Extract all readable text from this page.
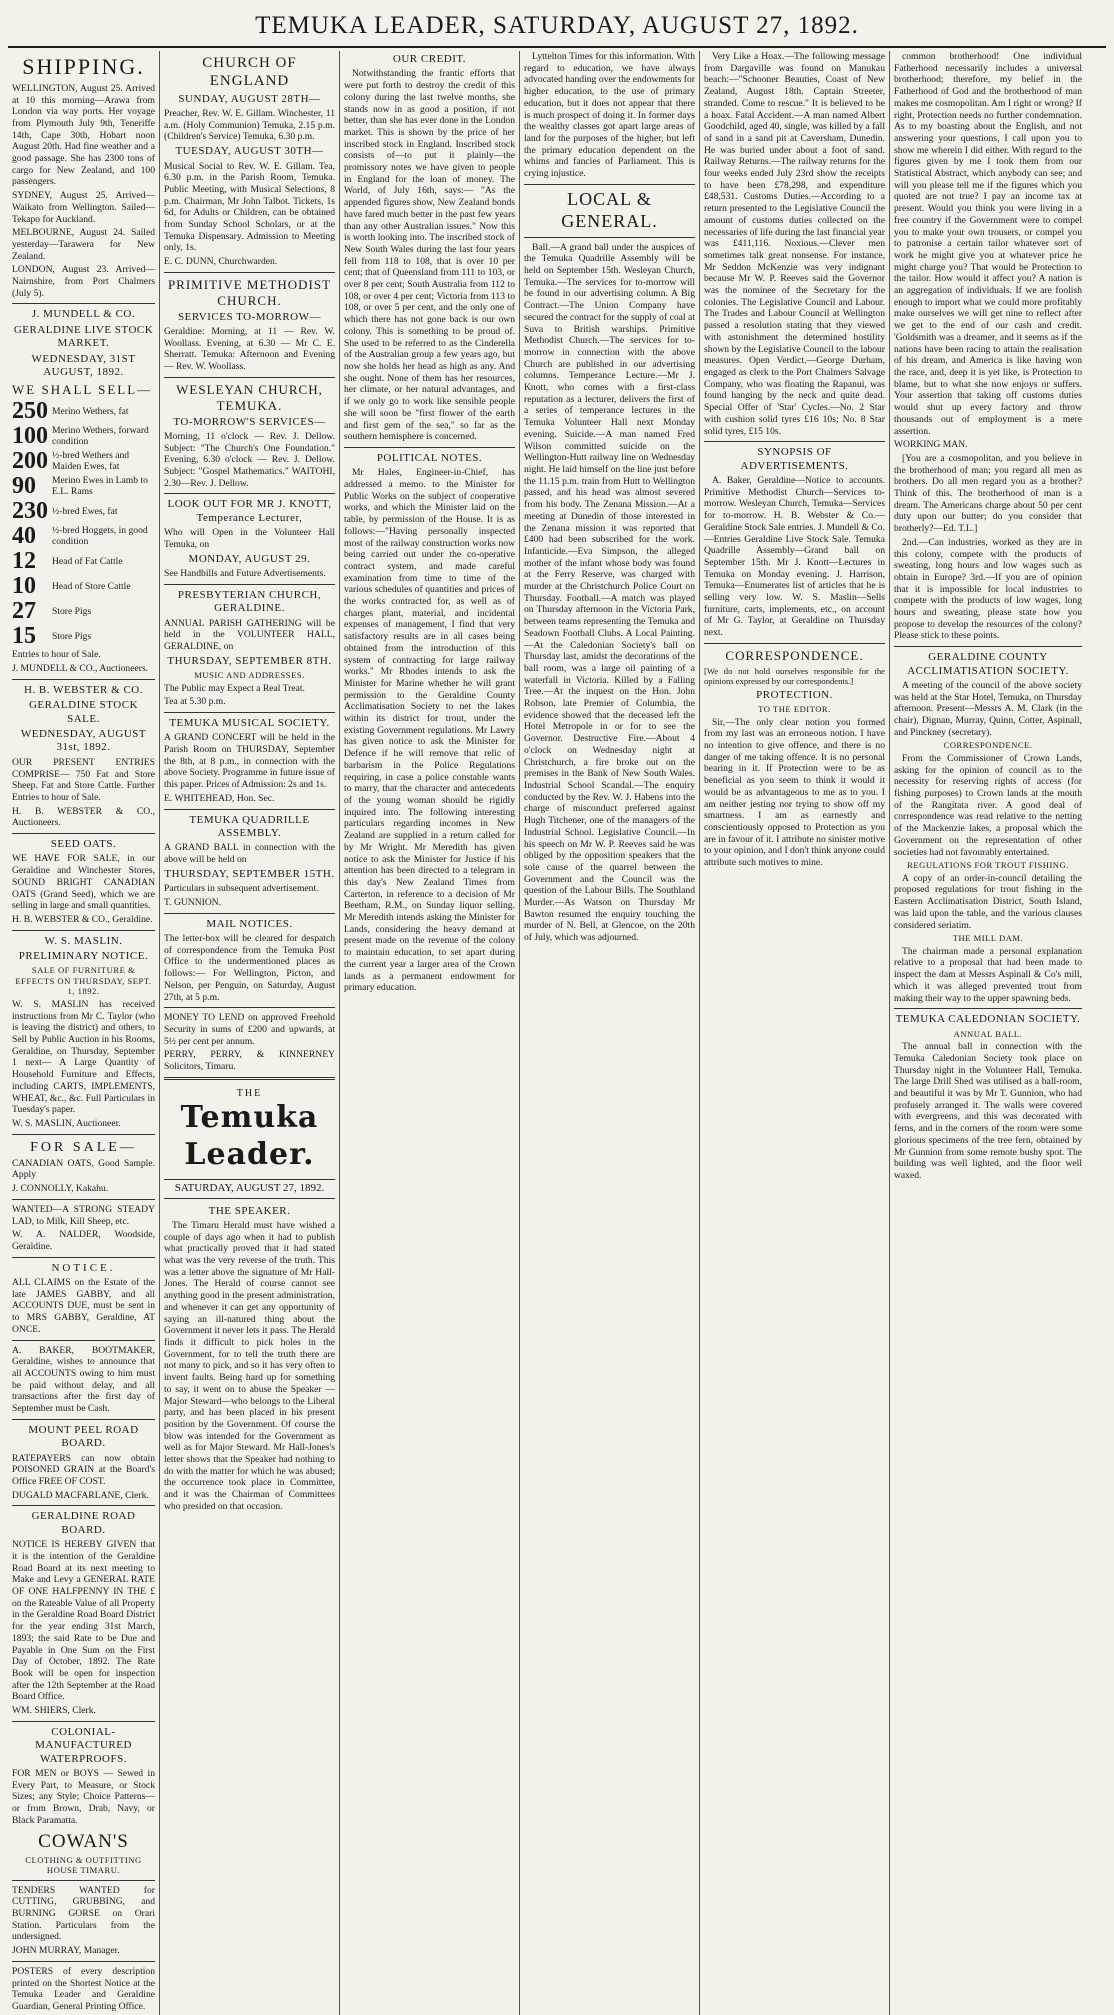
TEMUKA LEADER, SATURDAY, AUGUST 27, 1892.
SHIPPING.

WELLINGTON, August 25. Arrived at 10 this morning—Arawa from London via way ports. Her voyage from Plymouth July 9th, Teneriffe 14th, Cape 30th, Hobart noon August 20th. Had fine weather and a good passage. She has 2300 tons of cargo for New Zealand, and 100 passengers.

SYDNEY, August 25. Arrived—Waikato from Wellington. Sailed—Tekapo for Auckland.

MELBOURNE, August 24. Sailed yesterday—Tarawera for New Zealand.

LONDON, August 23. Arrived—Nairnshire, from Port Chalmers (July 5).

J. MUNDELL & CO.
GERALDINE LIVE STOCK MARKET.
WEDNESDAY, 31ST AUGUST, 1892.

WE SHALL SELL—

250 Merino Wethers, fat
100 Merino Wethers, forward condition
200 ½-bred Wethers and Maiden Ewes, fat
90	Merino Ewes in Lamb to E.L. Rams
230 ½-bred Ewes, fat
40	½-bred Hoggets, in good condition
12	Head of Fat Cattle
10	Head of Store Cattle
27	Store Pigs
15	Store Pigs

Entries to hour of Sale.

J. MUNDELL & CO., Auctioneers.

H. B. WEBSTER & CO.
GERALDINE STOCK SALE.
WEDNESDAY, AUGUST 31st, 1892.

OUR PRESENT ENTRIES COMPRISE— 750 Fat and Store Sheep. Fat and Store Cattle. Further Entries to hour of Sale.

H. B. WEBSTER & CO., Auctioneers.

SEED OATS.

WE HAVE FOR SALE, in our Geraldine and Winchester Stores, SOUND BRIGHT CANADIAN OATS (Grand Seed), which we are selling in large and small quantities.

H. B. WEBSTER & CO., Geraldine.

W. S. MASLIN.
PRELIMINARY NOTICE.
SALE OF FURNITURE & EFFECTS ON THURSDAY, SEPT. 1, 1892.

W. S. MASLIN has received instructions from Mr C. Taylor (who is leaving the district) and others, to Sell by Public Auction in his Rooms, Geraldine, on Thursday, September 1 next— A Large Quantity of Household Furniture and Effects, including CARTS, IMPLEMENTS, WHEAT, &c., &c. Full Particulars in Tuesday's paper.

W. S. MASLIN, Auctioneer.

FOR SALE—

CANADIAN OATS, Good Sample. Apply

J. CONNOLLY, Kakahu.

WANTED—A STRONG STEADY LAD, to Milk, Kill Sheep, etc.

W. A. NALDER, Woodside, Geraldine.

NOTICE.

ALL CLAIMS on the Estate of the late JAMES GABBY, and all ACCOUNTS DUE, must be sent in to MRS GABBY, Geraldine, AT ONCE.

A. BAKER, BOOTMAKER, Geraldine, wishes to announce that all ACCOUNTS owing to him must be paid without delay, and all transactions after the first day of September must be Cash.

MOUNT PEEL ROAD BOARD.

RATEPAYERS can now obtain POISONED GRAIN at the Board's Office FREE OF COST.

DUGALD MACFARLANE, Clerk.

GERALDINE ROAD BOARD.

NOTICE IS HEREBY GIVEN that it is the intention of the Geraldine Road Board at its next meeting to Make and Levy a GENERAL RATE OF ONE HALFPENNY IN THE £ on the Rateable Value of all Property in the Geraldine Road Board District for the year ending 31st March, 1893; the said Rate to be Due and Payable in One Sum on the First Day of October, 1892. The Rate Book will be open for inspection after the 12th September at the Road Board Office.

WM. SHIERS, Clerk.

COLONIAL-MANUFACTURED WATERPROOFS.

FOR MEN or BOYS — Sewed in Every Part, to Measure, or Stock Sizes; any Style; Choice Patterns—or from Brown, Drab, Navy, or Black Paramatta.

COWAN'S
CLOTHING & OUTFITTING HOUSE TIMARU.

TENDERS WANTED for CUTTING, GRUBBING, and BURNING GORSE on Orari Station. Particulars from the undersigned.

JOHN MURRAY, Manager.

POSTERS of every description printed on the Shortest Notice at the Temuka Leader and Geraldine Guardian, General Printing Office.

CHURCH OF ENGLAND
SUNDAY, AUGUST 28TH—

Preacher, Rev. W. E. Gillam. Winchester, 11 a.m. (Holy Communion) Temuka, 2.15 p.m. (Children's Service) Temuka, 6.30 p.m.

TUESDAY, AUGUST 30TH—

Musical Social to Rev. W. E. Gillam. Tea, 6.30 p.m. in the Parish Room, Temuka. Public Meeting, with Musical Selections, 8 p.m. Chairman, Mr John Talbot. Tickets, 1s 6d, for Adults or Children, can be obtained from Sunday School Scholars, or at the Temuka Dispensary. Admission to Meeting only, 1s.

E. C. DUNN, Churchwarden.

PRIMITIVE METHODIST CHURCH.
SERVICES TO-MORROW—

Geraldine: Morning, at 11 — Rev. W. Woollass. Evening, at 6.30 — Mr C. E. Sherratt. Temuka: Afternoon and Evening — Rev. W. Woollass.

WESLEYAN CHURCH, TEMUKA.
TO-MORROW'S SERVICES—

Morning, 11 o'clock — Rev. J. Dellow. Subject: "The Church's One Foundation." Evening, 6.30 o'clock — Rev. J. Dellow. Subject: "Gospel Mathematics." WAITOHI, 2.30—Rev. J. Dellow.

LOOK OUT FOR MR J. KNOTT, Temperance Lecturer,

Who will Open in the Volunteer Hall Temuka, on

MONDAY, AUGUST 29.

See Handbills and Future Advertisements.

PRESBYTERIAN CHURCH, GERALDINE.

ANNUAL PARISH GATHERING will be held in the VOLUNTEER HALL, GERALDINE, on

THURSDAY, SEPTEMBER 8TH.
MUSIC AND ADDRESSES.

The Public may Expect a Real Treat.

Tea at 5.30 p.m.

TEMUKA MUSICAL SOCIETY.

A GRAND CONCERT will be held in the Parish Room on THURSDAY, September the 8th, at 8 p.m., in connection with the above Society. Programme in future issue of this paper. Prices of Admission: 2s and 1s.

E. WHITEHEAD, Hon. Sec.

TEMUKA QUADRILLE ASSEMBLY.

A GRAND BALL in connection with the above will be held on

THURSDAY, SEPTEMBER 15TH.

Particulars in subsequent advertisement.

T. GUNNION.

MAIL NOTICES.

The letter-box will be cleared for despatch of correspondence from the Temuka Post Office to the undermentioned places as follows:— For Wellington, Picton, and Nelson, per Penguin, on Saturday, August 27th, at 5 p.m.

MONEY TO LEND on approved Freehold Security in sums of £200 and upwards, at 5½ per cent per annum.

PERRY, PERRY, & KINNERNEY Solicitors, Timaru.

THE
Temuka Leader.
SATURDAY, AUGUST 27, 1892.
THE SPEAKER.

The Timaru Herald must have wished a couple of days ago when it had to publish what practically proved that it had stated what was the very reverse of the truth. This was a letter above the signature of Mr Hall-Jones. The Herald of course cannot see anything good in the present administration, and whenever it can get any opportunity of saying an ill-natured thing about the Government it never lets it pass. The Herald finds it difficult to pick holes in the Government, for to tell the truth there are not many to pick, and so it has very often to invent faults. Being hard up for something to say, it went on to abuse the Speaker —Major Steward—who belongs to the Liberal party, and has been placed in his present position by the Government. Of course the blow was intended for the Government as well as for Major Steward. Mr Hall-Jones's letter shows that the Speaker had nothing to do with the matter for which he was abused; the occurrence took place in Committee, and it was the Chairman of Committees who presided on that occasion.

OUR CREDIT.

Notwithstanding the frantic efforts that were put forth to destroy the credit of this colony during the last twelve months, she stands now in as good a position, if not better, than she has ever done in the London market. This is shown by the price of her inscribed stock in England. Inscribed stock consists of—to put it plainly—the promissory notes we have given to people in England for the loan of money. The World, of July 16th, says:— "As the appended figures show, New Zealand bonds have fared much better in the past few years than any other Australian issues." Now this is worth looking into. The inscribed stock of New South Wales during the last four years fell from 118 to 108, that is over 10 per cent; that of Queensland from 111 to 103, or over 8 per cent; South Australia from 112 to 108, or over 4 per cent; Victoria from 113 to 108, or over 5 per cent, and the only one of which there has not gone back is our own colony. This is something to be proud of. She used to be referred to as the Cinderella of the Australian group a few years ago, but now she holds her head as high as any. And she ought. None of them has her resources, her climate, or her natural advantages, and if we only go to work like sensible people she will soon be "first flower of the earth and first gem of the sea," so far as the southern hemisphere is concerned.

POLITICAL NOTES.

Mr Hales, Engineer-in-Chief, has addressed a memo. to the Minister for Public Works on the subject of cooperative works, and which the Minister laid on the table, by permission of the House. It is as follows:—"Having personally inspected most of the railway construction works now being carried out under the co-operative contract system, and made careful examination from time to time of the various schedules of quantities and prices of the works contracted for, as well as of charges plant, material, and incidental expenses of management, I find that very satisfactory results are in all cases being obtained from the introduction of this system of contracting for large railway works." Mr Rhodes intends to ask the Minister for Marine whether he will grant permission to the Geraldine County Acclimatisation Society to net the lakes within its district for trout, under the existing Government regulations. Mr Lawry has given notice to ask the Minister for Defence if he will remove that relic of barbarism in the Police Regulations requiring, in case a police constable wants to marry, that the character and antecedents of the young woman should be rigidly inquired into. The following interesting particulars regarding incomes in New Zealand are supplied in a return called for by Mr Wright. Mr Meredith has given notice to ask the Minister for Justice if his attention has been directed to a telegram in this day's New Zealand Times from Carterton, in reference to a decision of Mr Beetham, R.M., on Sunday liquor selling. Mr Meredith intends asking the Minister for Lands, considering the heavy demand at present made on the revenue of the colony to maintain education, to set apart during the current year a larger area of the Crown lands as a permanent endowment for primary education.

Lyttelton Times for this information. With regard to education, we have always advocated handing over the endowments for higher education, to the use of primary education, but it does not appear that there is much prospect of doing it. In former days the wealthy classes got apart large areas of land for the purposes of the higher, but left the primary education dependent on the whims and fancies of Parliament. This is crying injustice.

LOCAL & GENERAL.

Ball.—A grand ball under the auspices of the Temuka Quadrille Assembly will be held on September 15th. Wesleyan Church, Temuka.—The services for to-morrow will be found in our advertising column. A Big Contract.—The Union Company have secured the contract for the supply of coal at Suva to British warships. Primitive Methodist Church.—The services for to-morrow in connection with the above Church are published in our advertising columns. Temperance Lecture.—Mr J. Knott, who comes with a first-class reputation as a lecturer, delivers the first of a series of temperance lectures in the Temuka Volunteer Hall next Monday evening. Suicide.—A man named Fred Wilson committed suicide on the Wellington-Hutt railway line on Wednesday night. He laid himself on the line just before the 11.15 p.m. train from Hutt to Wellington passed, and his head was almost severed from his body. The Zenana Mission.—At a meeting at Dunedin of those interested in the Zenana mission it was reported that £400 had been subscribed for the work. Infanticide.—Eva Simpson, the alleged mother of the infant whose body was found at the Ferry Reserve, was charged with murder at the Christchurch Police Court on Thursday. Football.—A match was played on Thursday afternoon in the Victoria Park, between teams representing the Temuka and Seadown Football Clubs. A Local Painting.—At the Caledonian Society's ball on Thursday last, amidst the decorations of the ball room, was a large oil painting of a waterfall in Victoria. Killed by a Falling Tree.—At the inquest on the Hon. John Robson, late Premier of Columbia, the evidence showed that the deceased left the Hotel Metropole in or for to see the Governor. Destructive Fire.—About 4 o'clock on Wednesday night at Christchurch, a fire broke out on the premises in the Bank of New South Wales. Industrial School Scandal.—The enquiry conducted by the Rev. W. J. Habens into the charge of misconduct preferred against Hugh Titchener, one of the managers of the Industrial School. Legislative Council.—In his speech on Mr W. P. Reeves said he was obliged by the opposition speakers that the sole cause of the quarrel between the Government and the Council was the question of the Labour Bills. The Southland Murder.—As Watson on Thursday Mr Bawton resumed the enquiry touching the murder of N. Bell, at Glencoe, on the 20th of July, which was adjourned.

Very Like a Hoax.—The following message from Dargaville was found on Manukau beach:—"Schooner Beauties, Coast of New Zealand, August 18th. Captain Streeter, stranded. Come to rescue." It is believed to be a hoax. Fatal Accident.—A man named Albert Goodchild, aged 40, single, was killed by a fall of sand in a sand pit at Caversham, Dunedin. He was buried under about a foot of sand. Railway Returns.—The railway returns for the four weeks ended July 23rd show the receipts to have been £78,298, and expenditure £48,531. Customs Duties.—According to a return presented to the Legislative Council the amount of customs duties collected on the necessaries of life during the last financial year was £411,116. Noxious.—Clever men sometimes talk great nonsense. For instance, Mr Seddon McKenzie was very indignant because Mr W. P. Reeves said the Governor was the nominee of the Secretary for the colonies. The Legislative Council and Labour. The Trades and Labour Council at Wellington passed a resolution stating that they viewed with astonishment the determined hostility shown by the Legislative Council to the labour measures. Open Verdict.—George Durham, engaged as clerk to the Port Chalmers Salvage Company, who was floating the Rapanui, was found hanging by the neck and quite dead. Special Offer of 'Star' Cycles.—No. 2 Star with cushion solid tyres £16 10s; No. 8 Star solid tyres, £15 10s.

SYNOPSIS OF ADVERTISEMENTS.

A. Baker, Geraldine—Notice to accounts. Primitive Methodist Church—Services to-morrow. Wesleyan Church, Temuka—Services for to-morrow. H. B. Webster & Co.—Geraldine Stock Sale entries. J. Mundell & Co.—Entries Geraldine Live Stock Sale. Temuka Quadrille Assembly—Grand ball on September 15th. Mr J. Knott—Lectures in Temuka on Monday evening. J. Harrison, Temuka—Enumerates list of articles that he is selling very low. W. S. Maslin—Sells furniture, carts, implements, etc., on account of Mr G. Taylor, at Geraldine on Thursday next.

CORRESPONDENCE.

[We do not hold ourselves responsible for the opinions expressed by our correspondents.]

PROTECTION.
TO THE EDITOR.

Sir,—The only clear notion you formed from my last was an erroneous notion. I have no intention to give offence, and there is no danger of me taking offence. It is no personal bearing in it. If Protection were to be as beneficial as you seem to think it would it would be as advantageous to me as to you. I am neither jesting nor trying to show off my smartness. I am as earnestly and conscientiously opposed to Protection as you are in favour of it. I attribute no sinister motive to your opinion, and I don't think anyone could attribute such motives to mine.

common brotherhood! One individual Fatherhood necessarily includes a universal brotherhood; therefore, my belief in the Fatherhood of God and the brotherhood of man makes me cosmopolitan. Am I right or wrong? If right, Protection needs no further condemnation. As to my boasting about the English, and not answering your questions, I call upon you to show me wherein I did either. With regard to the figures given by me I took them from our Statistical Abstract, which anybody can see; and will you please tell me if the figures which you quoted are not true? I pay an income tax at present. Would you think you were living in a free country if the Government were to compel you to make your own trousers, or compel you to patronise a certain tailor whatever sort of work he might give you at whatever price he might charge you? That would be Protection to the tailor. How would it affect you? A nation is an aggregation of individuals. If we are foolish enough to import what we could more profitably make ourselves we will get nine to reflect after we get to the end of our cash and credit. 'Goldsmith was a dreamer, and it seems as if the nations have been racing to attain the realisation of his dream, and America is like having won the race, and, deep it is yet like, is Protection to blame, but to what she now enjoys or suffers. Your assertion that taking off customs duties would shut up every factory and throw thousands out of employment is a mere assertion.

WORKING MAN.

[You are a cosmopolitan, and you believe in the brotherhood of man; you regard all men as brothers. Do all men regard you as a brother? Think of this. The brotherhood of man is a dream. The Americans charge about 50 per cent duty upon our butter; do you consider that brotherly?—Ed. T.L.]

2nd.—Can industries, worked as they are in this colony, compete with the products of sweating, long hours and low wages such as obtain in Europe? 3rd.—If you are of opinion that it is impossible for local industries to compete with the products of low wages, long hours and sweating, please state how you propose to develop the resources of the colony? Please stick to these points.

GERALDINE COUNTY ACCLIMATISATION SOCIETY.

A meeting of the council of the above society was held at the Star Hotel, Temuka, on Thursday afternoon. Present—Messrs A. M. Clark (in the chair), Dignan, Murray, Quinn, Cotter, Aspinall, and Pinckney (secretary).

CORRESPONDENCE.

From the Commissioner of Crown Lands, asking for the opinion of council as to the necessity for reserving rights of access (for fishing purposes) to Crown lands at the mouth of the Rangitata river. A good deal of correspondence was read relative to the netting of the Mackenzie lakes, a proposal which the Government on the representation of other societies had not favourably entertained.

REGULATIONS FOR TROUT FISHING.

A copy of an order-in-council detailing the proposed regulations for trout fishing in the Eastern Acclimatisation District, South Island, was laid upon the table, and the various clauses considered seriatim.

THE MILL DAM.

The chairman made a personal explanation relative to a proposal that had been made to inspect the dam at Messrs Aspinall & Co's mill, which it was alleged prevented trout from making their way to the upper spawning beds.

TEMUKA CALEDONIAN SOCIETY.
ANNUAL BALL.

The annual ball in connection with the Temuka Caledonian Society took place on Thursday night in the Volunteer Hall, Temuka. The large Drill Shed was utilised as a ball-room, and beautiful it was by Mr T. Gunnion, who had profusely arranged it. The walls were covered with evergreens, and this was decorated with ferns, and in the corners of the room were some glorious specimens of the tree fern, obtained by Mr Gunnion from some remote bushy spot. The building was well lighted, and the floor well waxed.
